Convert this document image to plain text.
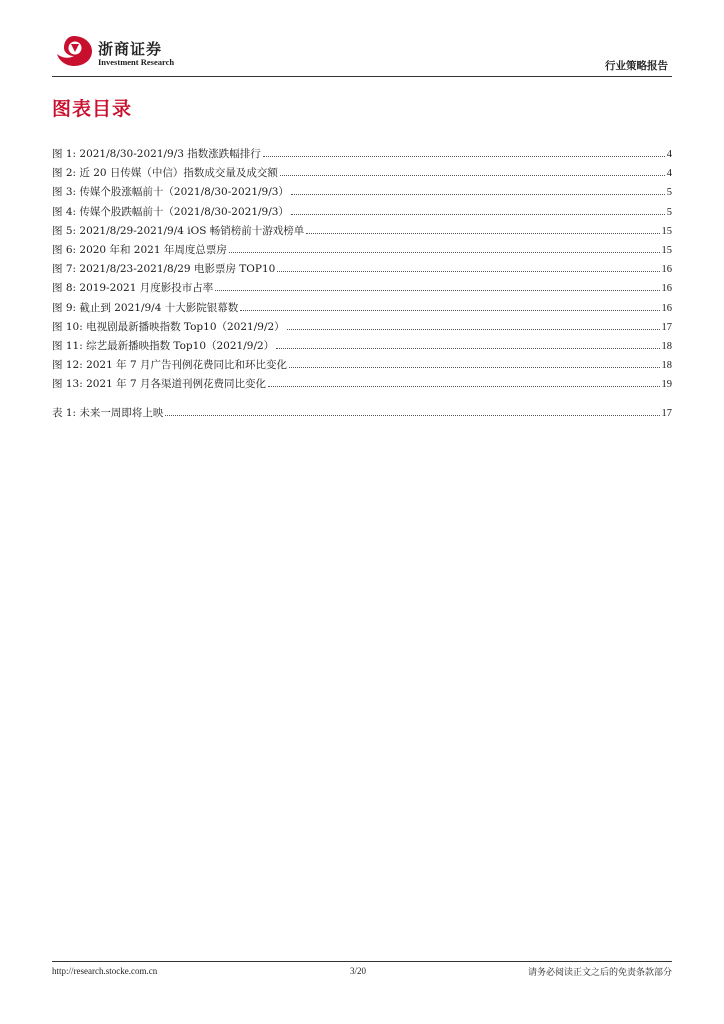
浙商证券
Investment Research	行业策略报告
图表目录
图 1: 2021/8/30-2021/9/3 指数涨跌幅排行	4
图 2: 近 20 日传媒（中信）指数成交量及成交额	4
图 3: 传媒个股涨幅前十（2021/8/30-2021/9/3）	5
图 4: 传媒个股跌幅前十（2021/8/30-2021/9/3）	5
图 5: 2021/8/29-2021/9/4 iOS 畅销榜前十游戏榜单	15
图 6: 2020 年和 2021 年周度总票房	15
图 7: 2021/8/23-2021/8/29 电影票房 TOP10	16
图 8: 2019-2021 月度影投市占率	16
图 9: 截止到 2021/9/4 十大影院银幕数	16
图 10: 电视剧最新播映指数 Top10（2021/9/2）	17
图 11: 综艺最新播映指数 Top10（2021/9/2）	18
图 12: 2021 年 7 月广告刊例花费同比和环比变化	18
图 13: 2021 年 7 月各渠道刊例花费同比变化	19
表 1: 未来一周即将上映	17
http://research.stocke.com.cn	3/20	请务必阅读正文之后的免责条款部分
